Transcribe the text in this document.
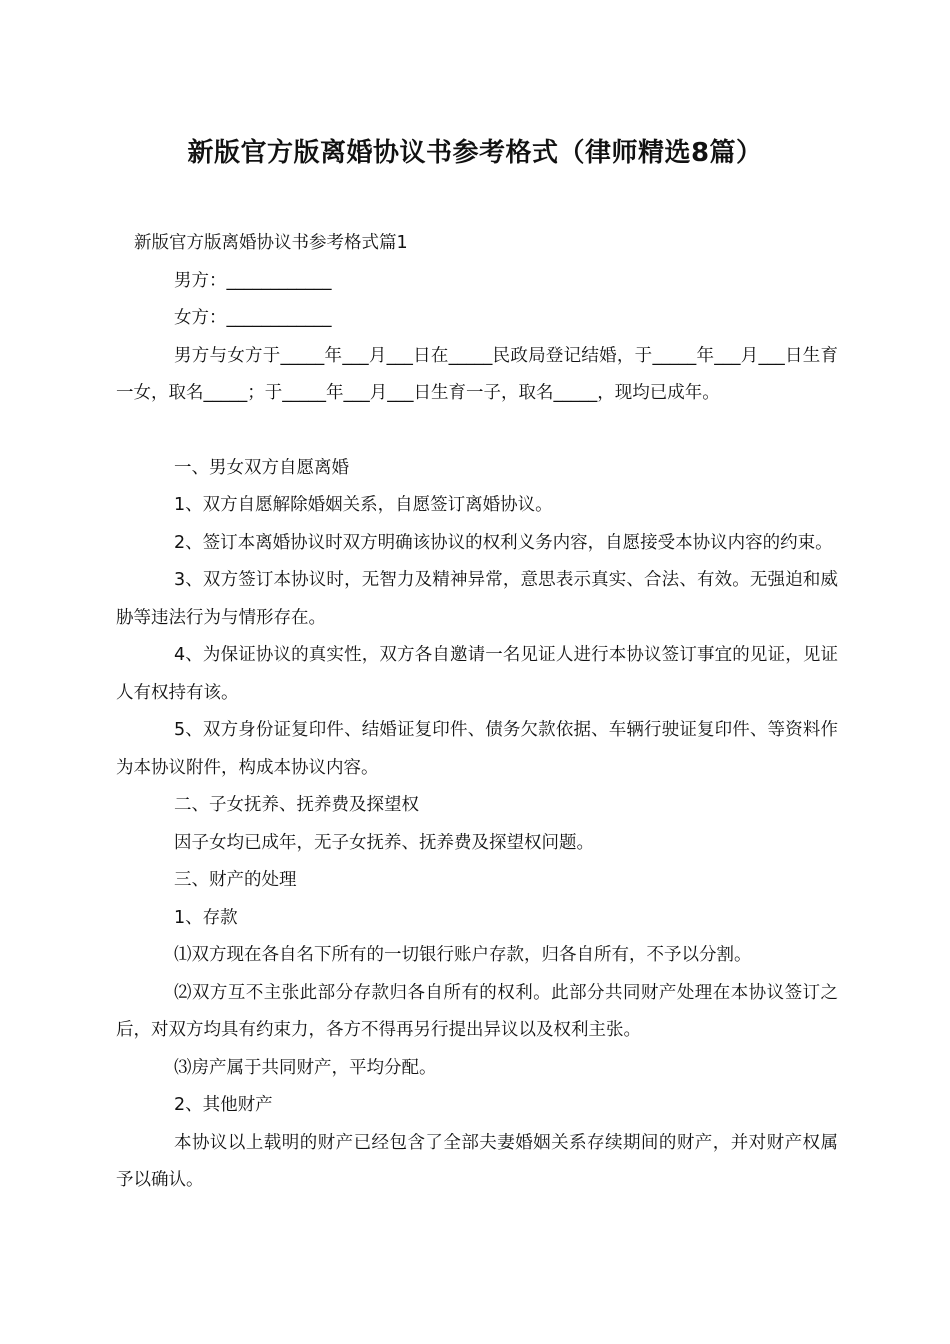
新版官方版离婚协议书参考格式（律师精选8篇）

新版官方版离婚协议书参考格式篇1

男方：____________

女方：____________

男方与女方于_____年___月___日在_____民政局登记结婚，于_____年___月___日生育一女，取名_____；于_____年___月___日生育一子，取名_____，现均已成年。

一、男女双方自愿离婚

1、双方自愿解除婚姻关系，自愿签订离婚协议。

2、签订本离婚协议时双方明确该协议的权利义务内容，自愿接受本协议内容的约束。

3、双方签订本协议时，无智力及精神异常，意思表示真实、合法、有效。无强迫和威胁等违法行为与情形存在。

4、为保证协议的真实性，双方各自邀请一名见证人进行本协议签订事宜的见证，见证人有权持有该。

5、双方身份证复印件、结婚证复印件、债务欠款依据、车辆行驶证复印件、等资料作为本协议附件，构成本协议内容。

二、子女抚养、抚养费及探望权

因子女均已成年，无子女抚养、抚养费及探望权问题。

三、财产的处理

1、存款

⑴双方现在各自名下所有的一切银行账户存款，归各自所有，不予以分割。

⑵双方互不主张此部分存款归各自所有的权利。此部分共同财产处理在本协议签订之后，对双方均具有约束力，各方不得再另行提出异议以及权利主张。

⑶房产属于共同财产，平均分配。

2、其他财产

本协议以上载明的财产已经包含了全部夫妻婚姻关系存续期间的财产，并对财产权属予以确认。
